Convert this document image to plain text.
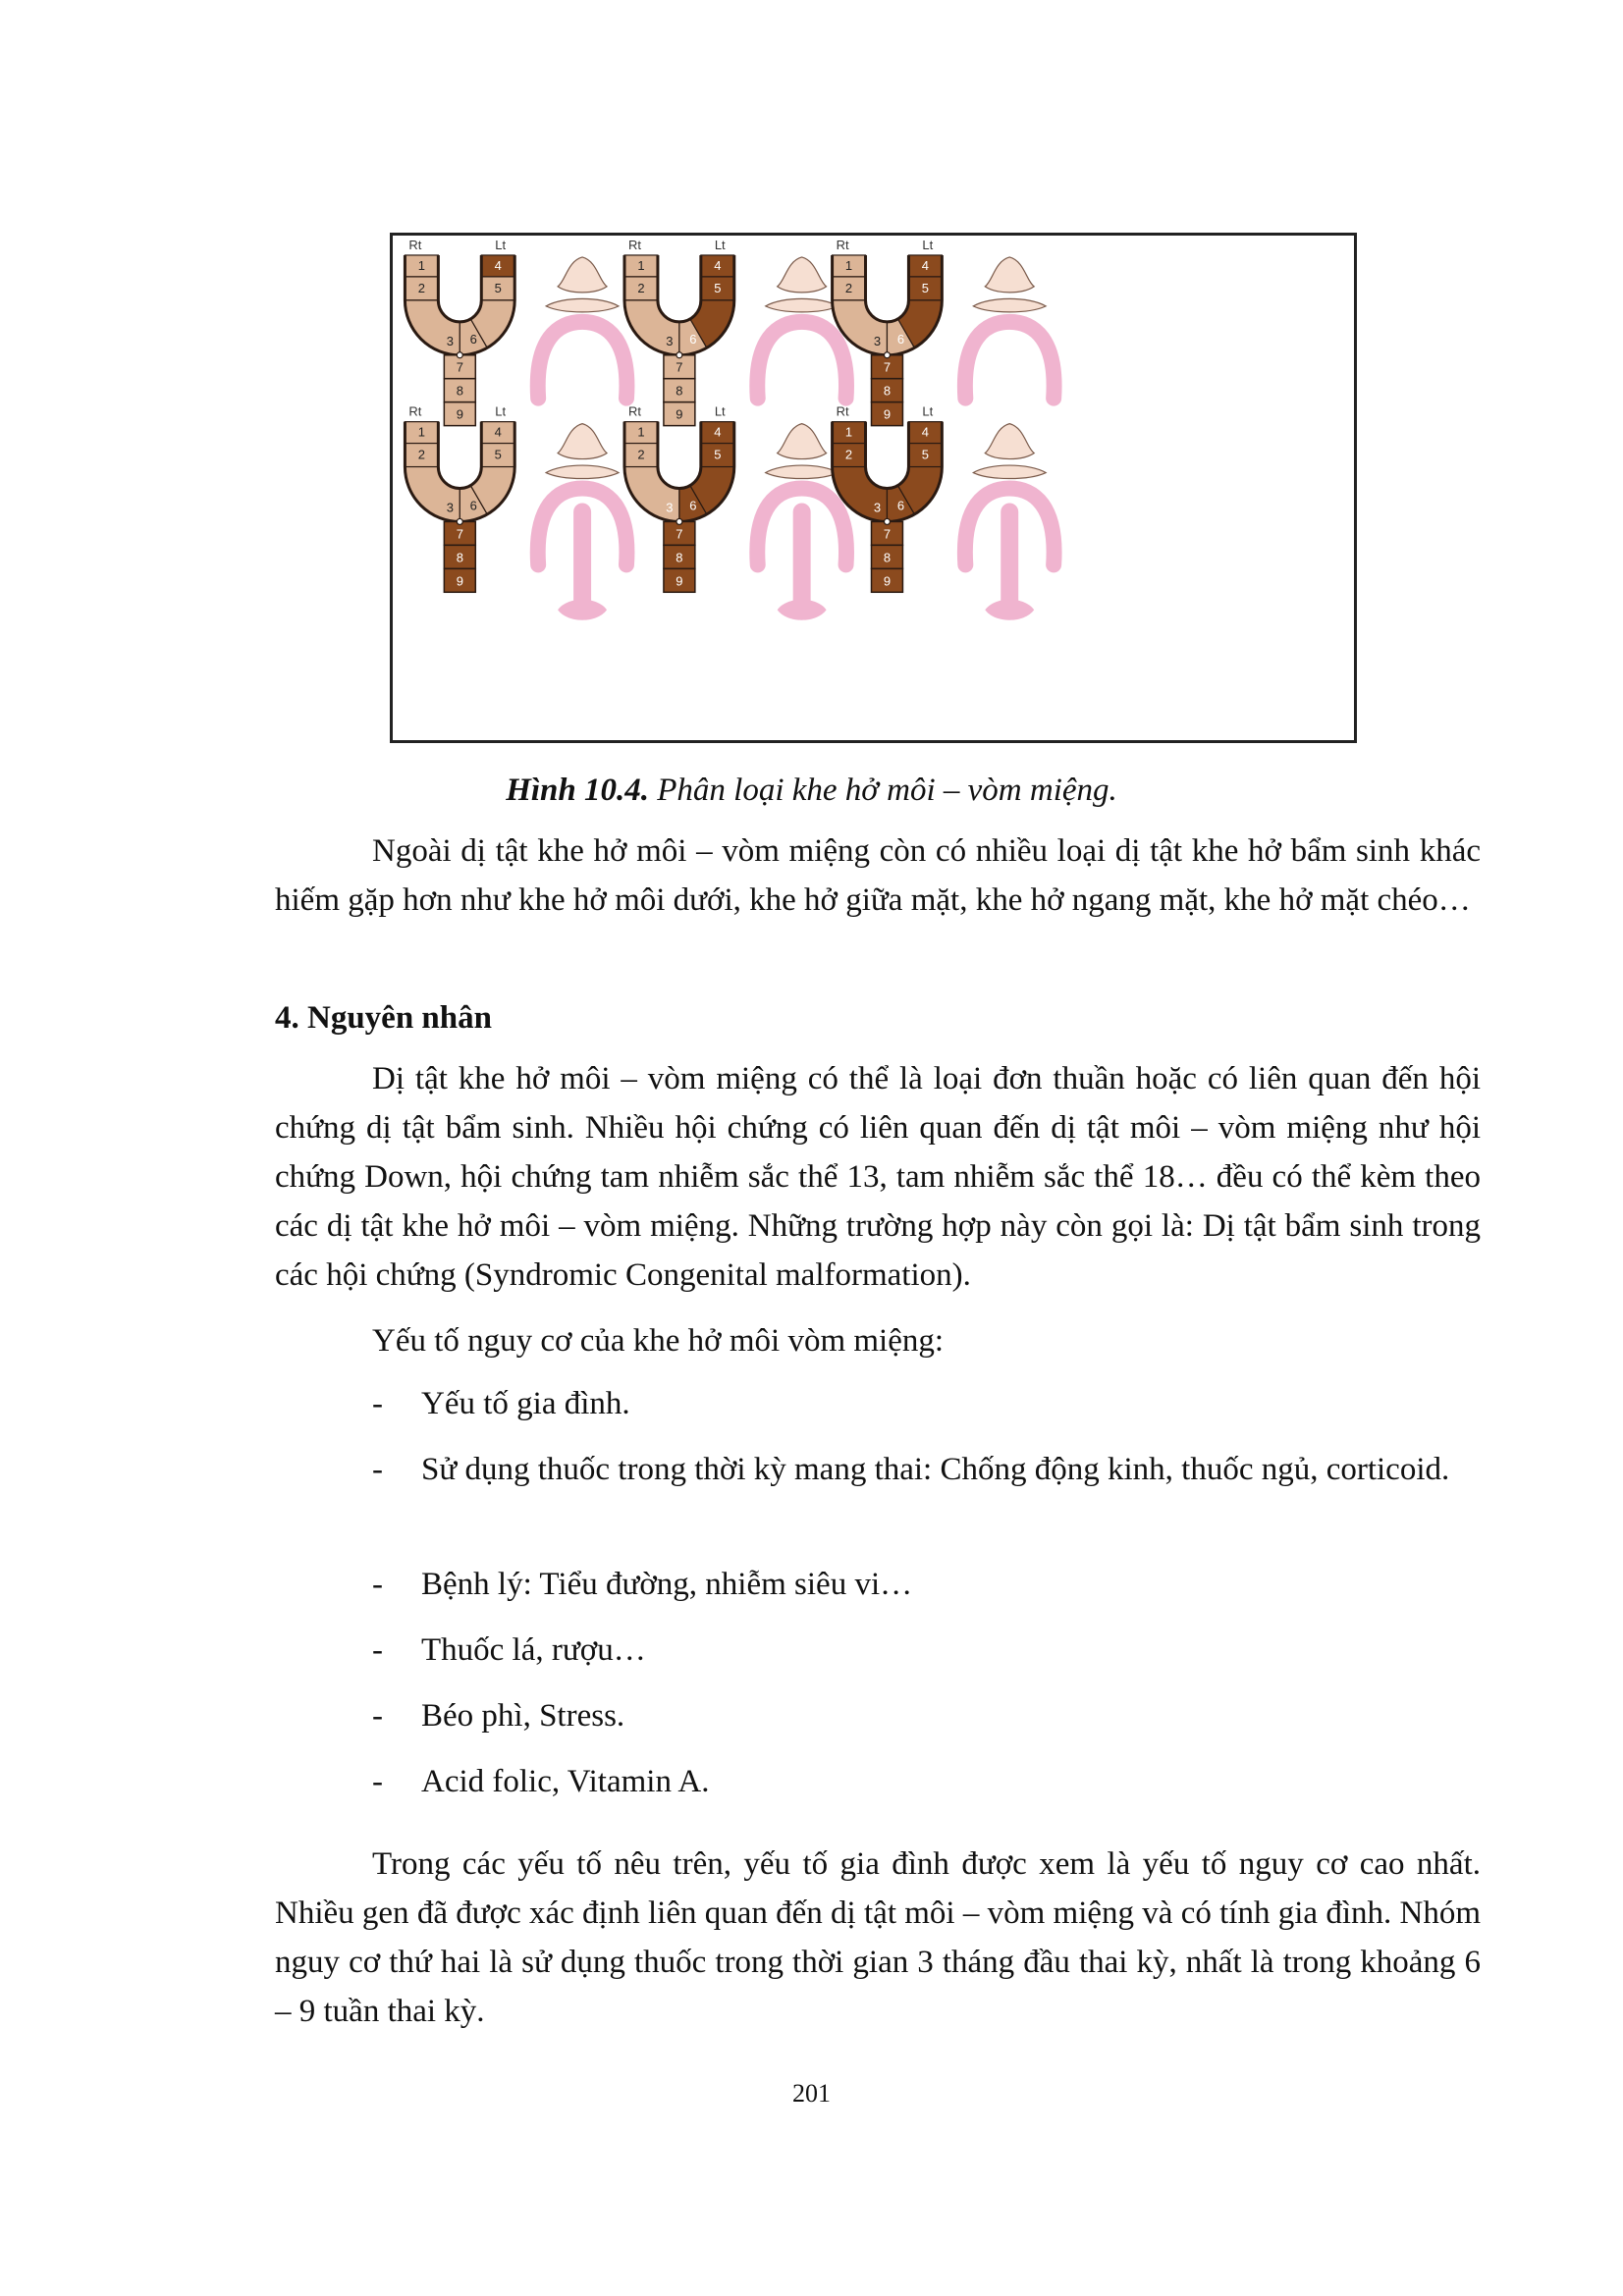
1
2
3
4
5
6
7
8
9
Rt	Lt
1
2
3
4
5
6
7
8
9
Rt	Lt
1
2
3
4
5
6
7
8
9
Rt	Lt
1
2
3
4
5
6
7
8
9
Rt	Lt
1
2
3
4
5
6
7
8
9
Rt	Lt
1
2
3
4
5
6
7
8
9
Rt	Lt
Hình 10.4. Phân loại khe hở môi – vòm miệng.

Ngoài dị tật khe hở môi – vòm miệng còn có nhiều loại dị tật khe hở bẩm sinh khác hiếm gặp hơn như khe hở môi dưới, khe hở giữa mặt, khe hở ngang mặt, khe hở mặt chéo…

4. Nguyên nhân

Dị tật khe hở môi – vòm miệng có thể là loại đơn thuần hoặc có liên quan đến hội chứng dị tật bẩm sinh. Nhiều hội chứng có liên quan đến dị tật môi – vòm miệng như hội chứng Down, hội chứng tam nhiễm sắc thể 13, tam nhiễm sắc thể 18… đều có thể kèm theo các dị tật khe hở môi – vòm miệng. Những trường hợp này còn gọi là: Dị tật bẩm sinh trong các hội chứng (Syndromic Congenital malformation).

Yếu tố nguy cơ của khe hở môi vòm miệng:
- Yếu tố gia đình.
- Sử dụng thuốc trong thời kỳ mang thai: Chống động kinh, thuốc ngủ, corticoid.
- Bệnh lý: Tiểu đường, nhiễm siêu vi…
- Thuốc lá, rượu…
- Béo phì, Stress.
- Acid folic, Vitamin A.

Trong các yếu tố nêu trên, yếu tố gia đình được xem là yếu tố nguy cơ cao nhất. Nhiều gen đã được xác định liên quan đến dị tật môi – vòm miệng và có tính gia đình. Nhóm nguy cơ thứ hai là sử dụng thuốc trong thời gian 3 tháng đầu thai kỳ, nhất là trong khoảng 6 – 9 tuần thai kỳ.

201
